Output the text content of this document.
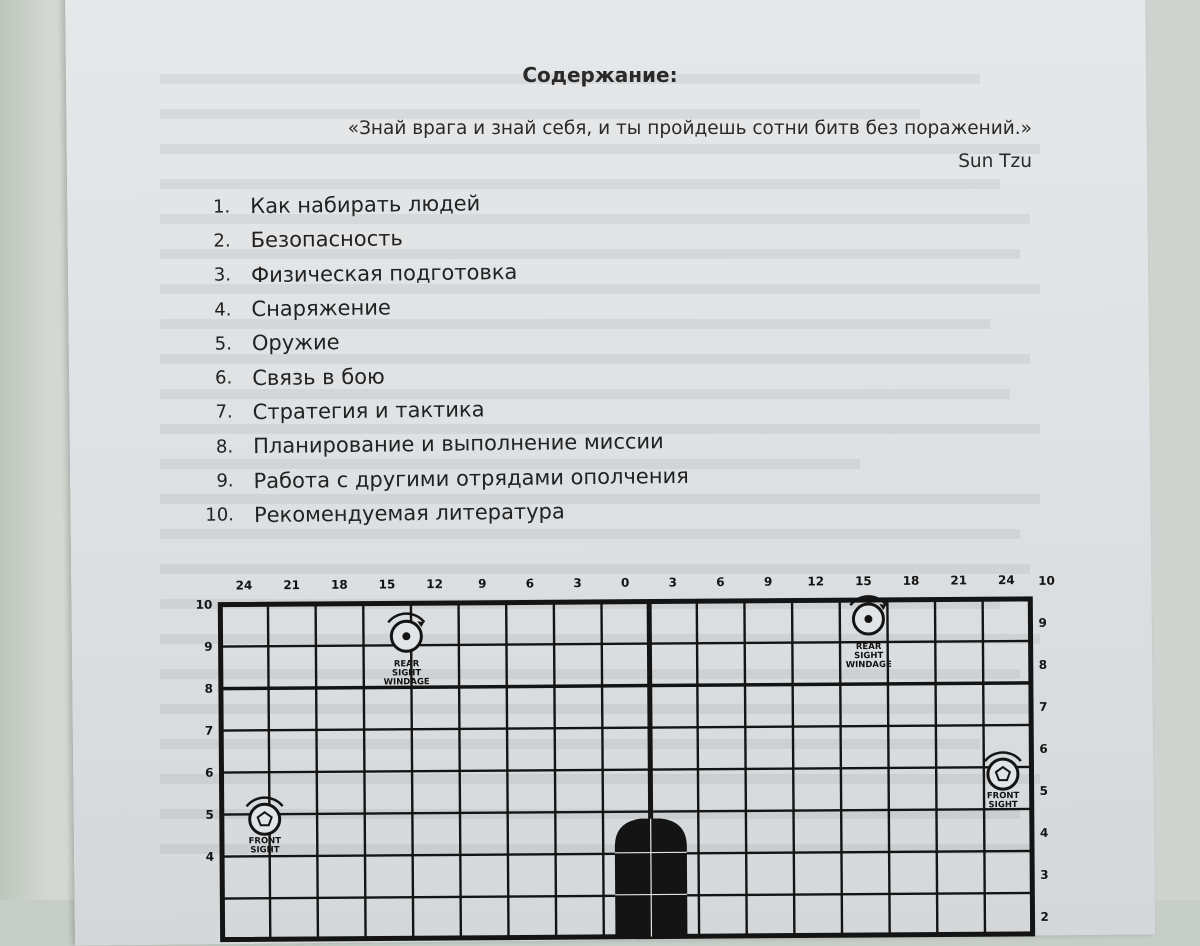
Содержание:
«Знай врага и знай себя, и ты пройдешь сотни битв без поражений.»
Sun Tzu
1. Как набирать людей
2. Безопасность
3. Физическая подготовка
4. Снаряжение
5. Оружие
6. Связь в бою
7. Стратегия и тактика
8. Планирование и выполнение миссии
9. Работа с другими отрядами ополчения
10. Рекомендуемая литература
24	21	18	15	12	9	6	3	0	3	6	9	12	15	18	21	24
10
9
8
7
6
5
4
10
9
8
7
6
5
4
3
2
REAR
SIGHT
WINDAGE
REAR
SIGHT
WINDAGE
FRONT
SIGHT
FRONT
SIGHT
